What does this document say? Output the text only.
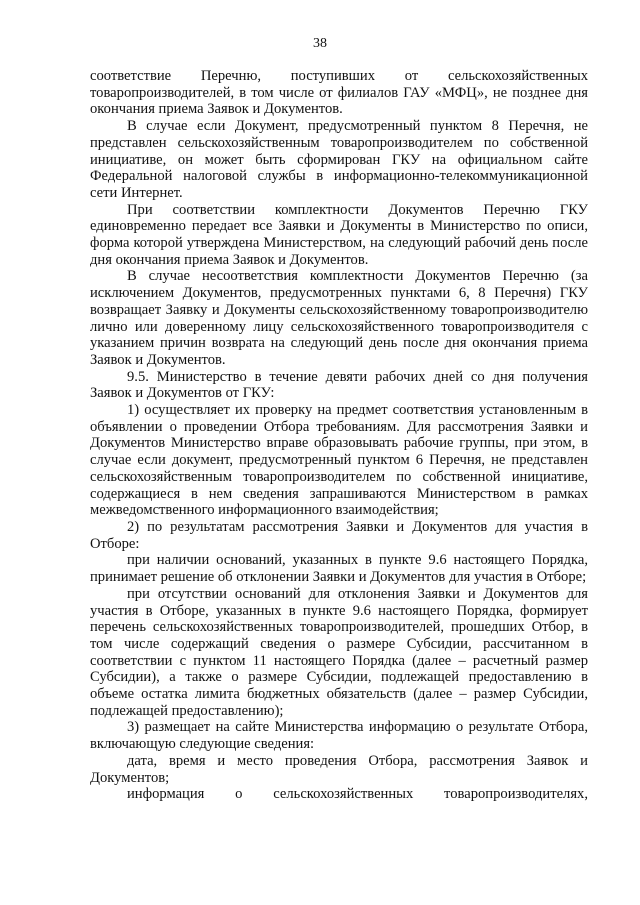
38

соответствие Перечню, поступивших от сельскохозяйственных товаропроизводителей, в том числе от филиалов ГАУ «МФЦ», не позднее дня окончания приема Заявок и Документов.

В случае если Документ, предусмотренный пунктом 8 Перечня, не представлен сельскохозяйственным товаропроизводителем по собственной инициативе, он может быть сформирован ГКУ на официальном сайте Федеральной налоговой службы в информационно-телекоммуникационной сети Интернет.

При соответствии комплектности Документов Перечню ГКУ единовременно передает все Заявки и Документы в Министерство по описи, форма которой утверждена Министерством, на следующий рабочий день после дня окончания приема Заявок и Документов.

В случае несоответствия комплектности Документов Перечню (за исключением Документов, предусмотренных пунктами 6, 8 Перечня) ГКУ возвращает Заявку и Документы сельскохозяйственному товаропроизводителю лично или доверенному лицу сельскохозяйственного товаропроизводителя с указанием причин возврата на следующий день после дня окончания приема Заявок и Документов.

9.5. Министерство в течение девяти рабочих дней со дня получения Заявок и Документов от ГКУ:

1) осуществляет их проверку на предмет соответствия установленным в объявлении о проведении Отбора требованиям. Для рассмотрения Заявки и Документов Министерство вправе образовывать рабочие группы, при этом, в случае если документ, предусмотренный пунктом 6 Перечня, не представлен сельскохозяйственным товаропроизводителем по собственной инициативе, содержащиеся в нем сведения запрашиваются Министерством в рамках межведомственного информационного взаимодействия;

2) по результатам рассмотрения Заявки и Документов для участия в Отборе:

при наличии оснований, указанных в пункте 9.6 настоящего Порядка, принимает решение об отклонении Заявки и Документов для участия в Отборе;

при отсутствии оснований для отклонения Заявки и Документов для участия в Отборе, указанных в пункте 9.6 настоящего Порядка, формирует перечень сельскохозяйственных товаропроизводителей, прошедших Отбор, в том числе содержащий сведения о размере Субсидии, рассчитанном в соответствии с пунктом 11 настоящего Порядка (далее – расчетный размер Субсидии), а также о размере Субсидии, подлежащей предоставлению в объеме остатка лимита бюджетных обязательств (далее – размер Субсидии, подлежащей предоставлению);

3) размещает на сайте Министерства информацию о результате Отбора, включающую следующие сведения:

дата, время и место проведения Отбора, рассмотрения Заявок и Документов;

информация о сельскохозяйственных товаропроизводителях,
